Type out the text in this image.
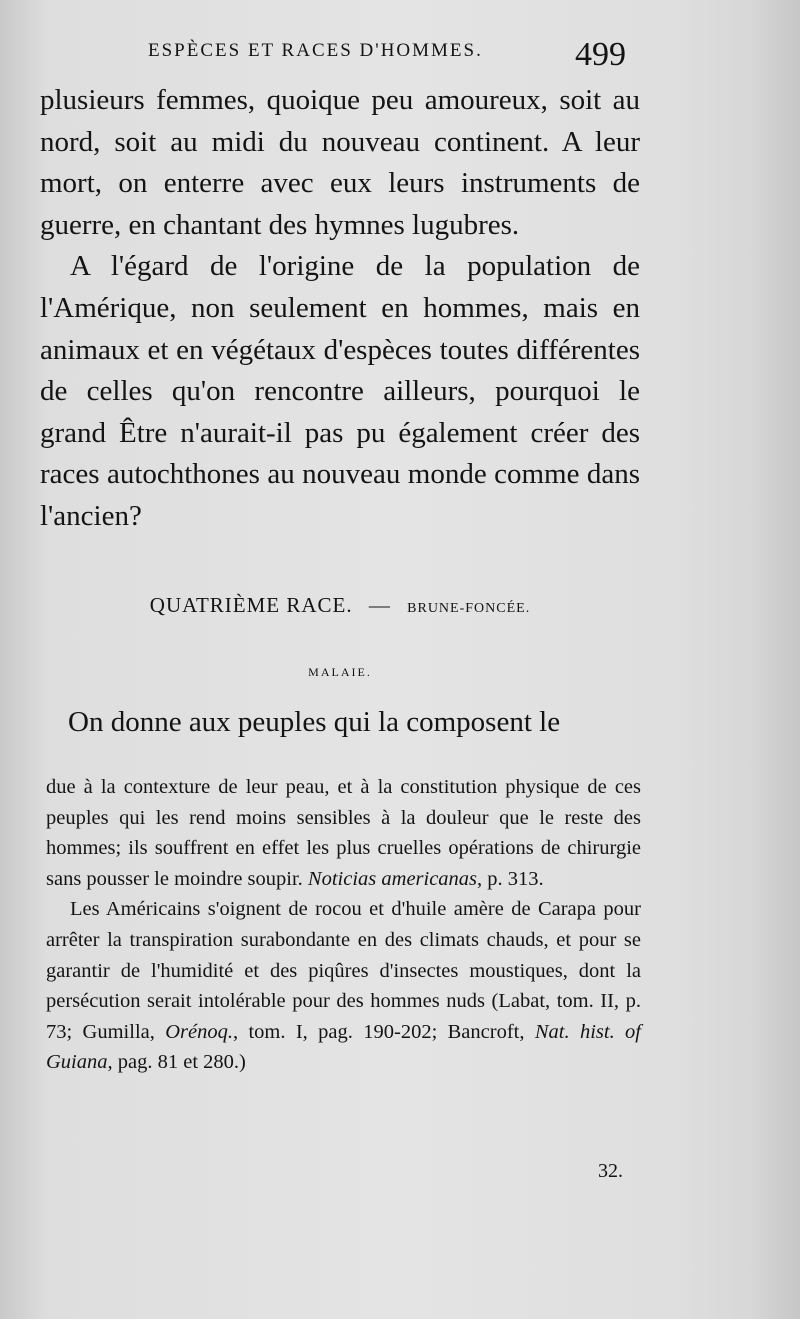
ESPÈCES ET RACES D'HOMMES.	499

plusieurs femmes, quoique peu amoureux, soit au nord, soit au midi du nouveau continent. A leur mort, on enterre avec eux leurs instruments de guerre, en chantant des hymnes lugubres.

A l'égard de l'origine de la population de l'Amérique, non seulement en hommes, mais en animaux et en végétaux d'espèces toutes différentes de celles qu'on rencontre ailleurs, pourquoi le grand Être n'aurait-il pas pu également créer des races autochthones au nouveau monde comme dans l'ancien?

QUATRIÈME RACE. — BRUNE-FONCÉE.
MALAIE.

On donne aux peuples qui la composent le

due à la contexture de leur peau, et à la constitution physique de ces peuples qui les rend moins sensibles à la douleur que le reste des hommes; ils souffrent en effet les plus cruelles opérations de chirurgie sans pousser le moindre soupir. Noticias americanas, p. 313.

Les Américains s'oignent de rocou et d'huile amère de Carapa pour arrêter la transpiration surabondante en des climats chauds, et pour se garantir de l'humidité et des piqûres d'insectes moustiques, dont la persécution serait intolérable pour des hommes nuds (Labat, tom. II, p. 73; Gumilla, Orénoq., tom. I, pag. 190-202; Bancroft, Nat. hist. of Guiana, pag. 81 et 280.)

32.
